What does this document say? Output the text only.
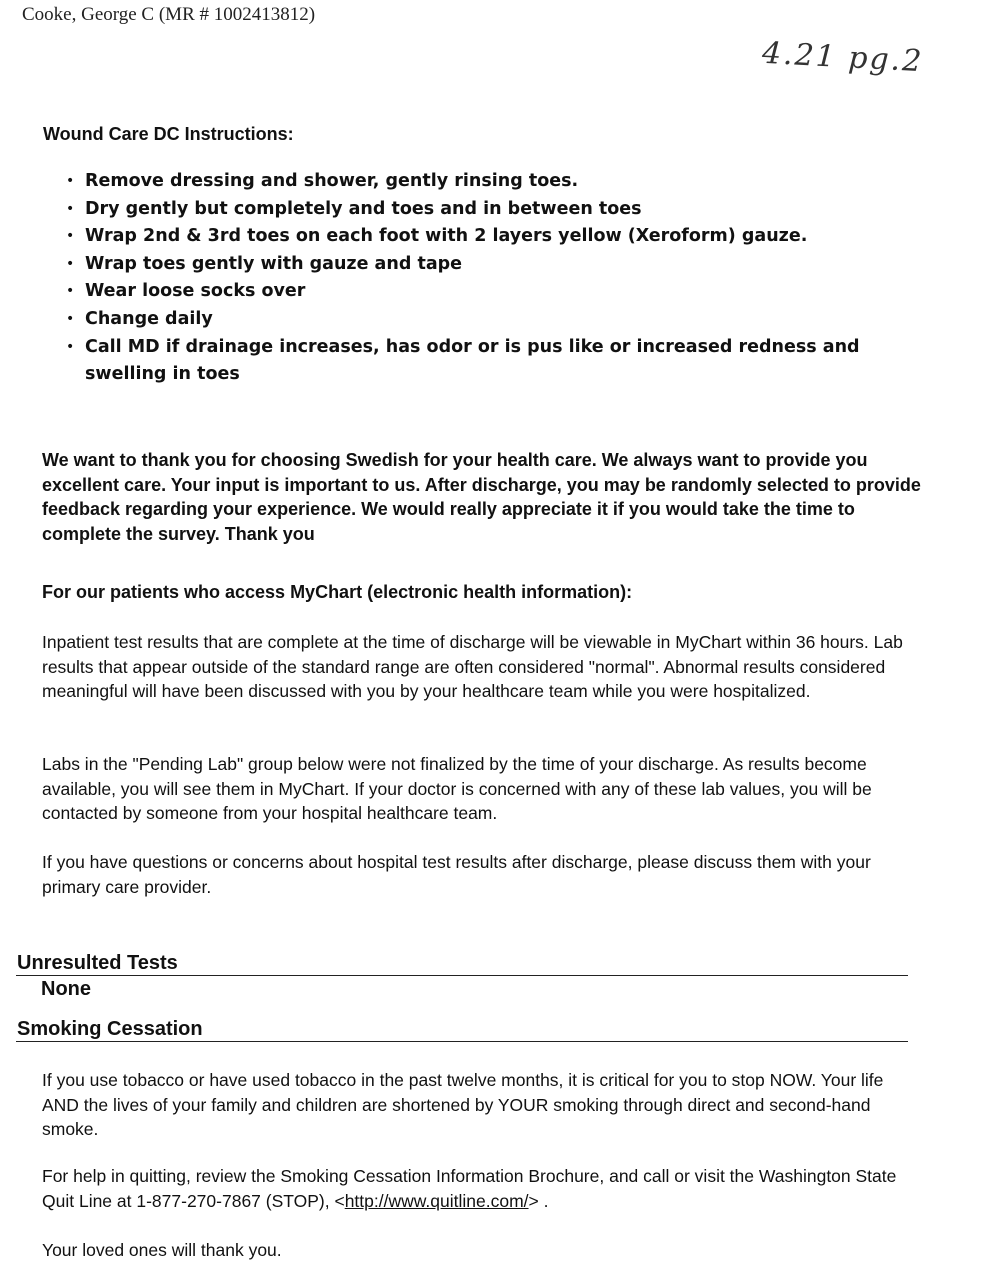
Cooke, George C (MR # 1002413812)
4.21 pg.2
Wound Care DC Instructions:
• Remove dressing and shower, gently rinsing toes.
• Dry gently but completely and toes and in between toes
• Wrap 2nd & 3rd toes on each foot with 2 layers yellow (Xeroform) gauze.
• Wrap toes gently with gauze and tape
• Wear loose socks over
• Change daily
• Call MD if drainage increases, has odor or is pus like or increased redness and swelling in toes
We want to thank you for choosing Swedish for your health care. We always want to provide you excellent care. Your input is important to us. After discharge, you may be randomly selected to provide feedback regarding your experience. We would really appreciate it if you would take the time to complete the survey. Thank you
For our patients who access MyChart (electronic health information):
Inpatient test results that are complete at the time of discharge will be viewable in MyChart within 36 hours. Lab results that appear outside of the standard range are often considered "normal". Abnormal results considered meaningful will have been discussed with you by your healthcare team while you were hospitalized.
Labs in the "Pending Lab" group below were not finalized by the time of your discharge. As results become available, you will see them in MyChart. If your doctor is concerned with any of these lab values, you will be contacted by someone from your hospital healthcare team.
If you have questions or concerns about hospital test results after discharge, please discuss them with your primary care provider.
Unresulted Tests
None
Smoking Cessation
If you use tobacco or have used tobacco in the past twelve months, it is critical for you to stop NOW. Your life AND the lives of your family and children are shortened by YOUR smoking through direct and second-hand smoke.
For help in quitting, review the Smoking Cessation Information Brochure, and call or visit the Washington State Quit Line at 1-877-270-7867 (STOP), <http://www.quitline.com/> .
Your loved ones will thank you.
